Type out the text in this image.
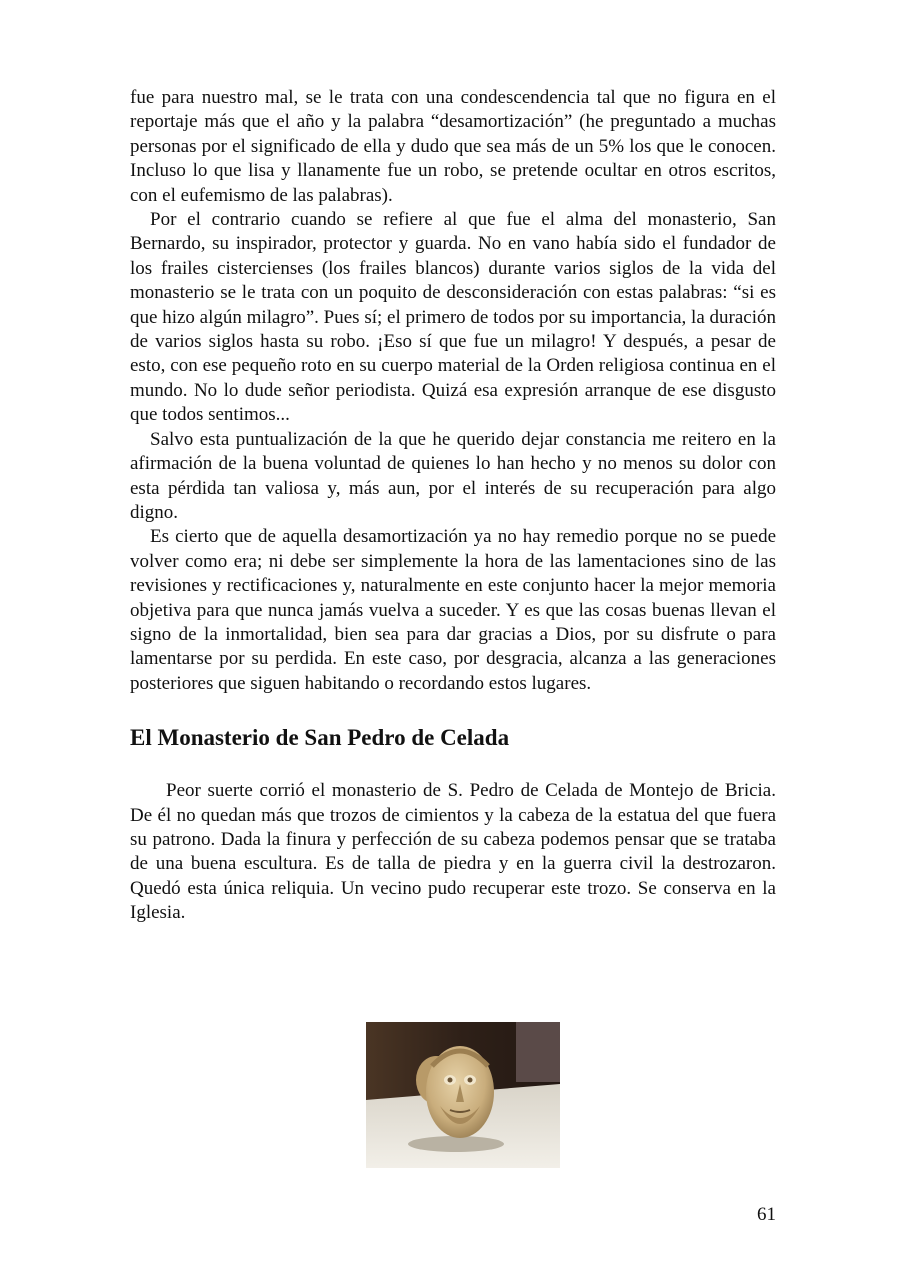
fue para nuestro mal, se le trata con una condescendencia tal que no figura en el reportaje más que el año y la palabra “desamortización” (he preguntado a muchas personas por el significado de ella y dudo que sea más de un 5% los que le conocen. Incluso lo que lisa y llanamente fue un robo, se pretende ocultar en otros escritos, con el eufemismo de las palabras).

Por el contrario cuando se refiere al que fue el alma del monasterio, San Bernardo, su inspirador, protector y guarda. No en vano había sido el fundador de los frailes cistercienses (los frailes blancos) durante varios siglos de la vida del monasterio se le trata con un poquito de desconsideración con estas palabras: “si es que hizo algún milagro”. Pues sí; el primero de todos por su importancia, la duración de varios siglos hasta su robo. ¡Eso sí que fue un milagro! Y después, a pesar de esto, con ese pequeño roto en su cuerpo material de la Orden religiosa continua en el mundo. No lo dude señor periodista. Quizá esa expresión arranque de ese disgusto que todos sentimos...

Salvo esta puntualización de la que he querido dejar constancia me reitero en la afirmación de la buena voluntad de quienes lo han hecho y no menos su dolor con esta pérdida tan valiosa y, más aun, por el interés de su recuperación para algo digno.

Es cierto que de aquella desamortización ya no hay remedio porque no se puede volver como era; ni debe ser simplemente la hora de las lamentaciones sino de las revisiones y rectificaciones y, naturalmente en este conjunto hacer la mejor memoria objetiva para que nunca jamás vuelva a suceder. Y es que las cosas buenas llevan el signo de la inmortalidad, bien sea para dar gracias a Dios, por su disfrute o para lamentarse por su perdida. En este caso, por desgracia, alcanza a las generaciones posteriores que siguen habitando o recordando estos lugares.

El Monasterio de San Pedro de Celada

Peor suerte corrió el monasterio de S. Pedro de Celada de Montejo de Bricia. De él no quedan más que trozos de cimientos y la cabeza de la estatua del que fuera su patrono. Dada la finura y perfección de su cabeza podemos pensar que se trataba de una buena escultura. Es de talla de piedra y en la guerra civil la destrozaron. Quedó esta única reliquia. Un vecino pudo recuperar este trozo. Se conserva en la Iglesia.

61
